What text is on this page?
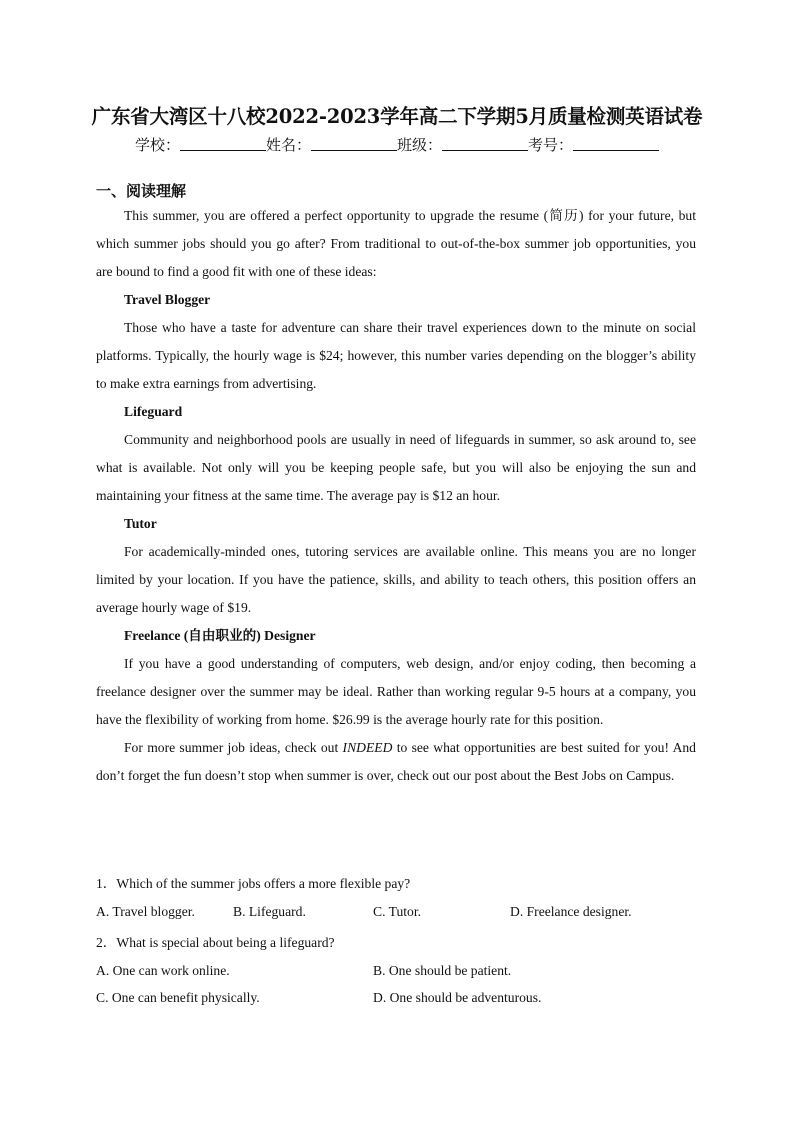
广东省大湾区十八校2022-2023学年高二下学期5月质量检测英语试卷
学校：	姓名：	班级：	考号：
一、阅读理解

This summer, you are offered a perfect opportunity to upgrade the resume (简历) for your future, but which summer jobs should you go after? From traditional to out-of-the-box summer job opportunities, you are bound to find a good fit with one of these ideas:

Travel Blogger

Those who have a taste for adventure can share their travel experiences down to the minute on social platforms. Typically, the hourly wage is $24; however, this number varies depending on the blogger’s ability to make extra earnings from advertising.

Lifeguard

Community and neighborhood pools are usually in need of lifeguards in summer, so ask around to, see what is available. Not only will you be keeping people safe, but you will also be enjoying the sun and maintaining your fitness at the same time. The average pay is $12 an hour.

Tutor

For academically-minded ones, tutoring services are available online. This means you are no longer limited by your location. If you have the patience, skills, and ability to teach others, this position offers an average hourly wage of $19.

Freelance (自由职业的) Designer

If you have a good understanding of computers, web design, and/or enjoy coding, then becoming a freelance designer over the summer may be ideal. Rather than working regular 9-5 hours at a company, you have the flexibility of working from home. $26.99 is the average hourly rate for this position.

For more summer job ideas, check out INDEED to see what opportunities are best suited for you! And don’t forget the fun doesn’t stop when summer is over, check out our post about the Best Jobs on Campus.

1．Which of the summer jobs offers a more flexible pay?
A. Travel blogger.	B. Lifeguard.	C. Tutor.	D. Freelance designer.
2．What is special about being a lifeguard?
A. One can work online.	B. One should be patient.
C. One can benefit physically.	D. One should be adventurous.
